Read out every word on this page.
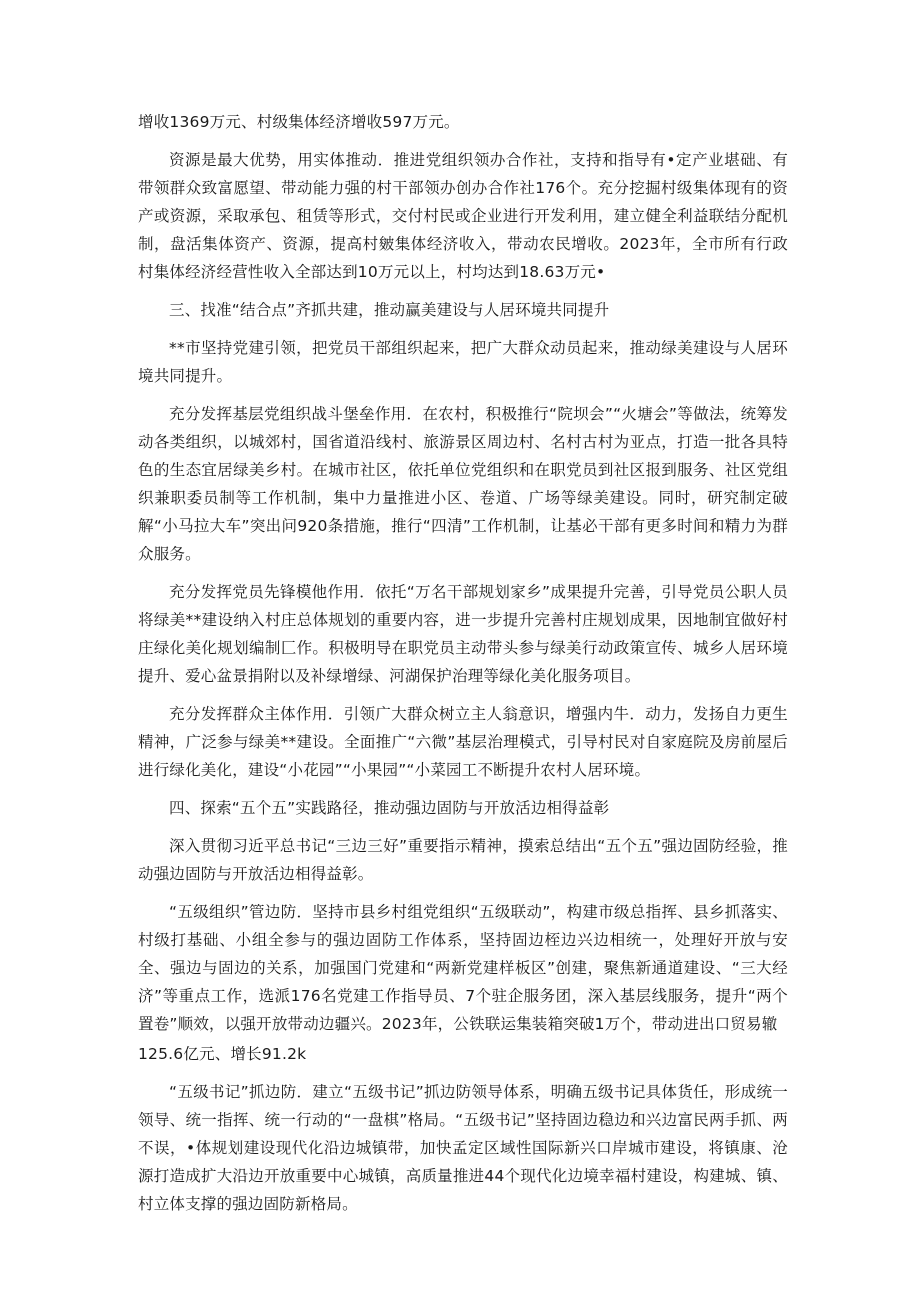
增收1369万元、村级集体经济增收597万元。

资源是最大优势，用实体推动．推进党组织领办合作社，支持和指导有•定产业堪础、有带领群众致富愿望、带动能力强的村干部领办创办合作社176个。充分挖掘村级集体现有的资产或资源，采取承包、租赁等形式，交付村民或企业进行开发利用，建立健全利益联结分配机制，盘活集体资产、资源，提高村皴集体经济收入，带动农民增收。2023年，全市所有行政村集体经济经营性收入全部达到10万元以上，村均达到18.63万元•

三、找准“结合点”齐抓共建，推动赢美建设与人居环境共同提升

**市坚持党建引领，把党员干部组织起来，把广大群众动员起来，推动绿美建设与人居环境共同提升。

充分发挥基层党组织战斗堡垒作用．在农村，积极推行“院坝会”“火塘会”等做法，统筹发动各类组织，以城郊村，国省道沿线村、旅游景区周边村、名村古村为亚点，打造一批各具特色的生态宜居绿美乡村。在城市社区，依托单位党组织和在职党员到社区报到服务、社区党组织兼职委员制等工作机制，集中力量推进小区、卷道、广场等绿美建设。同时，研究制定破解“小马拉大车”突出问920条措施，推行“四清”工作机制，让基必干部有更多时间和精力为群众服务。

充分发挥党员先锋模他作用．依托“万名干部规划家乡”成果提升完善，引导党员公职人员将绿美**建设纳入村庄总体规划的重要内容，进一步提升完善村庄规划成果，因地制宜做好村庄绿化美化规划编制匚作。积极明导在职党员主动带头参与绿美行动政策宣传、城乡人居环境提升、爱心盆景捐附以及补绿增绿、河湖保护治理等绿化美化服务项目。

充分发挥群众主体作用．引领广大群众树立主人翁意识，增强内牛．动力，发扬自力更生精神，广泛参与绿美**建设。全面推广“六微”基层治理模式，引导村民对自家庭院及房前屋后进行绿化美化，建设“小花园”“小果园”“小菜园工不断提升农村人居环境。

四、探索“五个五”实践路径，推动强边固防与开放活边相得益彰

深入贯彻习近平总书记“三边三好”重要指示精神，摸索总结出“五个五”强边固防经验，推动强边固防与开放活边相得益彰。

“五级组织”管边防．坚持市县乡村组党组织“五级联动”，构建市级总指挥、县乡抓落实、村级打基础、小组全参与的强边固防工作体系，坚持固边桎边兴边相统一，处理好开放与安全、强边与固边的关系，加强国门党建和“两新党建样板区”创建，聚焦新通道建设、“三大经济”等重点工作，选派176名党建工作指导员、7个驻企服务团，深入基层线服务，提升“两个置卷”顺效，以强开放带动边疆兴。2023年，公铁联运集装箱突破1万个，带动进出口贸易辙

125.6亿元、增长91.2k

“五级书记”抓边防．建立“五级书记”抓边防领导体系，明确五级书记具体货任，形成统一领导、统一指挥、统一行动的“一盘棋”格局。“五级书记”坚持固边稳边和兴边富民两手抓、两不误，•体规划建设现代化沿边城镇带，加快孟定区域性国际新兴口岸城市建设，将镇康、沧源打造成扩大沿边开放重要中心城镇，高质量推进44个现代化边境幸福村建设，构建城、镇、村立体支撑的强边固防新格局。
